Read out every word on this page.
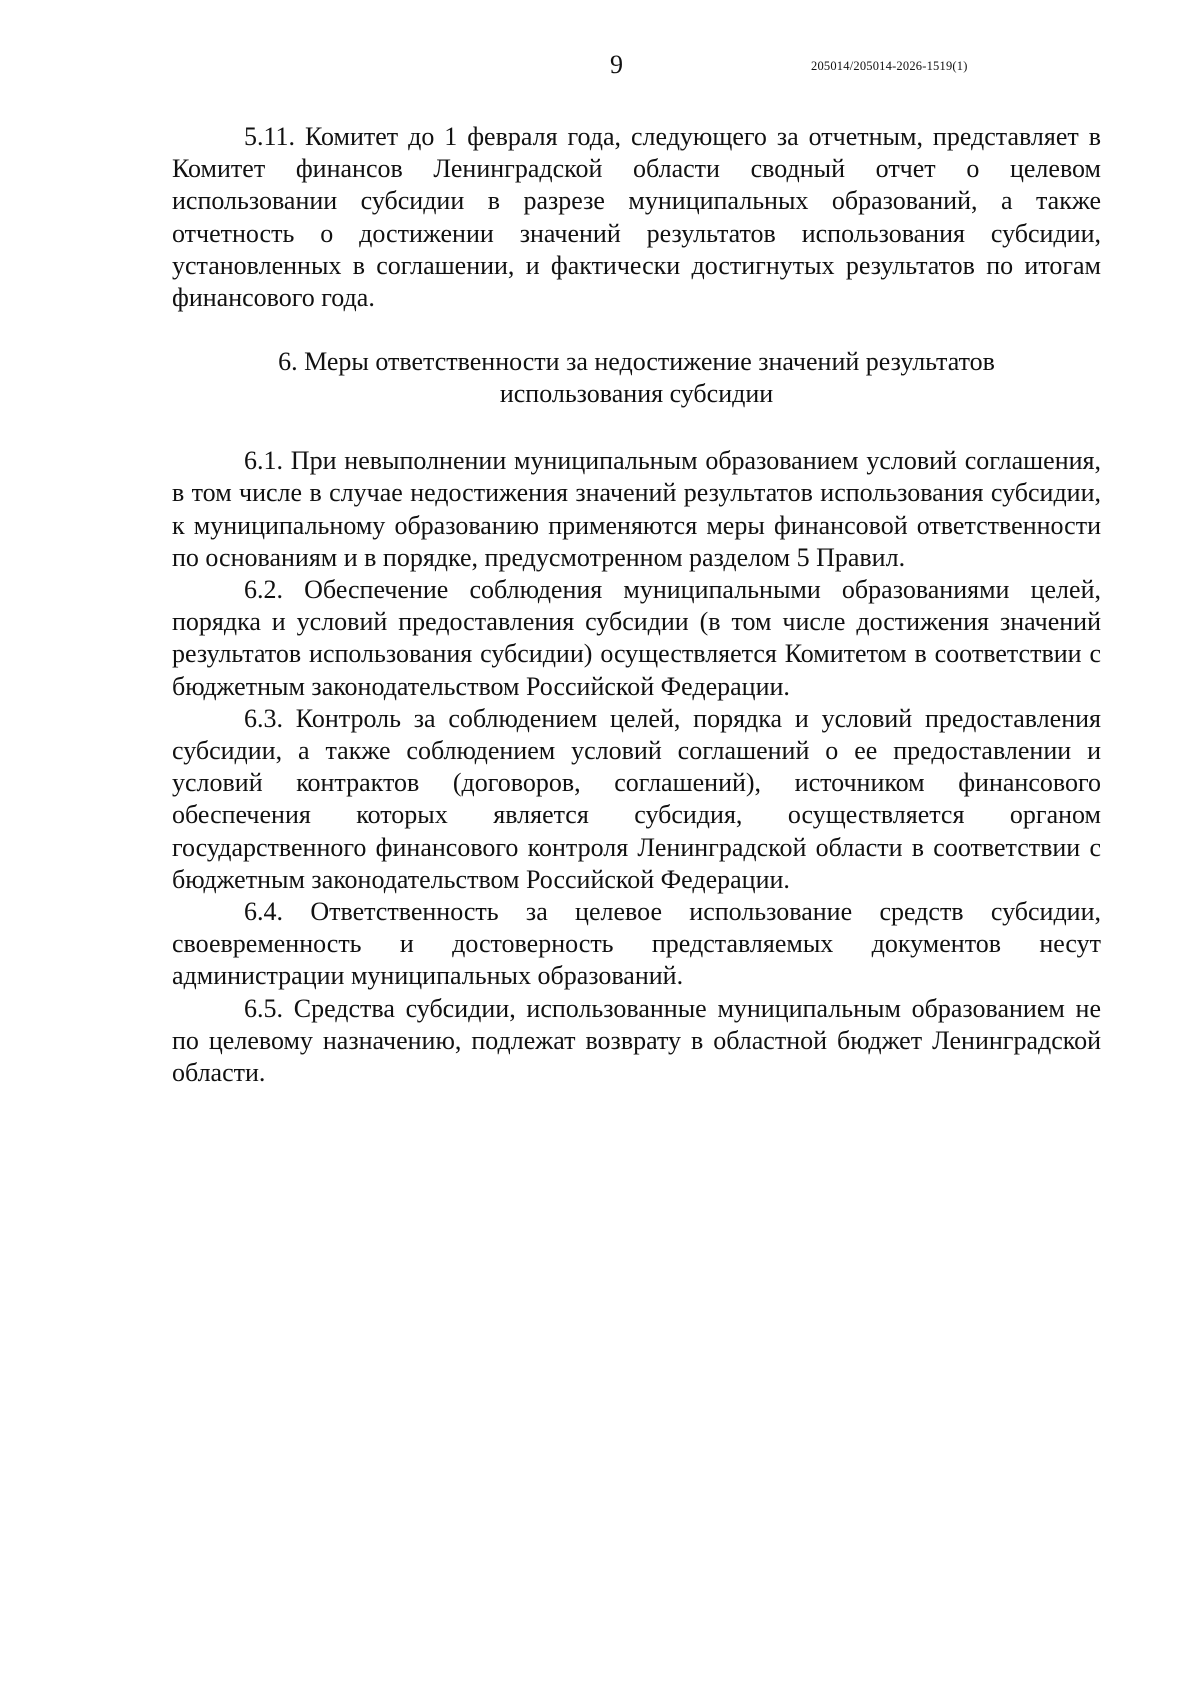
9	205014/205014-2026-1519(1)

5.11. Комитет до 1 февраля года, следующего за отчетным, представляет в Комитет финансов Ленинградской области сводный отчет о целевом использовании субсидии в разрезе муниципальных образований, а также отчетность о достижении значений результатов использования субсидии, установленных в соглашении, и фактически достигнутых результатов по итогам финансового года.

6. Меры ответственности за недостижение значений результатов
использования субсидии

6.1. При невыполнении муниципальным образованием условий соглашения, в том числе в случае недостижения значений результатов использования субсидии, к муниципальному образованию применяются меры финансовой ответственности по основаниям и в порядке, предусмотренном разделом 5 Правил.

6.2. Обеспечение соблюдения муниципальными образованиями целей, порядка и условий предоставления субсидии (в том числе достижения значений результатов использования субсидии) осуществляется Комитетом в соответствии с бюджетным законодательством Российской Федерации.

6.3. Контроль за соблюдением целей, порядка и условий предоставления субсидии, а также соблюдением условий соглашений о ее предоставлении и условий контрактов (договоров, соглашений), источником финансового обеспечения которых является субсидия, осуществляется органом государственного финансового контроля Ленинградской области в соответствии с бюджетным законодательством Российской Федерации.

6.4. Ответственность за целевое использование средств субсидии, своевременность и достоверность представляемых документов несут администрации муниципальных образований.

6.5. Средства субсидии, использованные муниципальным образованием не по целевому назначению, подлежат возврату в областной бюджет Ленинградской области.
